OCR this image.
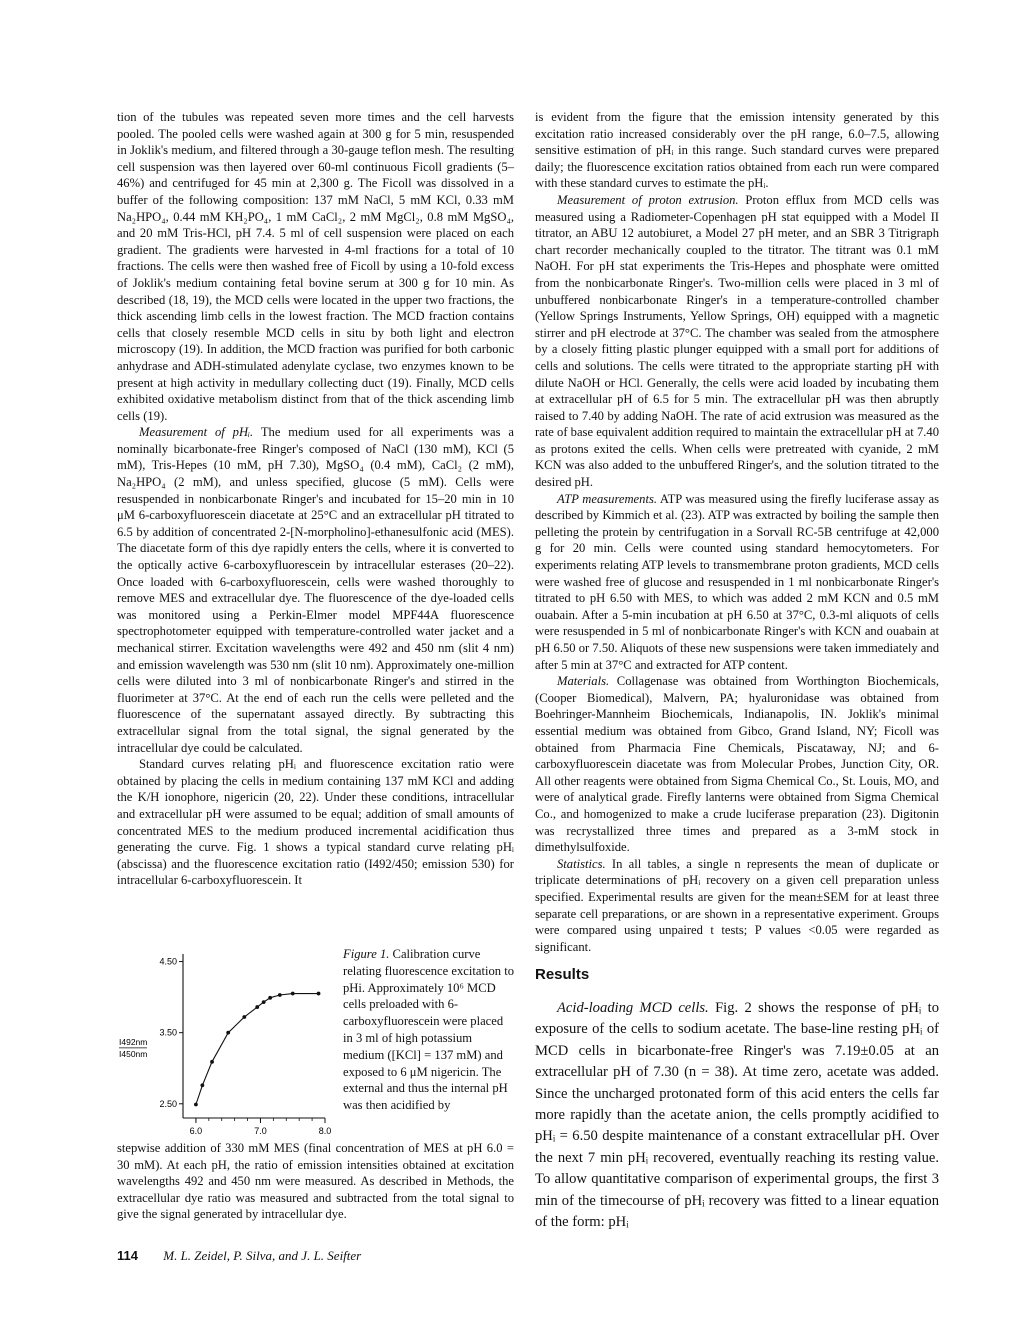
tion of the tubules was repeated seven more times and the cell harvests pooled. The pooled cells were washed again at 300 g for 5 min, resuspended in Joklik's medium, and filtered through a 30-gauge teflon mesh. The resulting cell suspension was then layered over 60-ml continuous Ficoll gradients (5–46%) and centrifuged for 45 min at 2,300 g. The Ficoll was dissolved in a buffer of the following composition: 137 mM NaCl, 5 mM KCl, 0.33 mM Na₂HPO₄, 0.44 mM KH₂PO₄, 1 mM CaCl₂, 2 mM MgCl₂, 0.8 mM MgSO₄, and 20 mM Tris-HCl, pH 7.4. 5 ml of cell suspension were placed on each gradient. The gradients were harvested in 4-ml fractions for a total of 10 fractions. The cells were then washed free of Ficoll by using a 10-fold excess of Joklik's medium containing fetal bovine serum at 300 g for 10 min. As described (18, 19), the MCD cells were located in the upper two fractions, the thick ascending limb cells in the lowest fraction. The MCD fraction contains cells that closely resemble MCD cells in situ by both light and electron microscopy (19). In addition, the MCD fraction was purified for both carbonic anhydrase and ADH-stimulated adenylate cyclase, two enzymes known to be present at high activity in medullary collecting duct (19). Finally, MCD cells exhibited oxidative metabolism distinct from that of the thick ascending limb cells (19).

Measurement of pHᵢ. The medium used for all experiments was a nominally bicarbonate-free Ringer's composed of NaCl (130 mM), KCl (5 mM), Tris-Hepes (10 mM, pH 7.30), MgSO₄ (0.4 mM), CaCl₂ (2 mM), Na₂HPO₄ (2 mM), and unless specified, glucose (5 mM). Cells were resuspended in nonbicarbonate Ringer's and incubated for 15–20 min in 10 μM 6-carboxyfluorescein diacetate at 25°C and an extracellular pH titrated to 6.5 by addition of concentrated 2-[N-morpholino]-ethanesulfonic acid (MES). The diacetate form of this dye rapidly enters the cells, where it is converted to the optically active 6-carboxyfluorescein by intracellular esterases (20–22). Once loaded with 6-carboxyfluorescein, cells were washed thoroughly to remove MES and extracellular dye. The fluorescence of the dye-loaded cells was monitored using a Perkin-Elmer model MPF44A fluorescence spectrophotometer equipped with temperature-controlled water jacket and a mechanical stirrer. Excitation wavelengths were 492 and 450 nm (slit 4 nm) and emission wavelength was 530 nm (slit 10 nm). Approximately one-million cells were diluted into 3 ml of nonbicarbonate Ringer's and stirred in the fluorimeter at 37°C. At the end of each run the cells were pelleted and the fluorescence of the supernatant assayed directly. By subtracting this extracellular signal from the total signal, the signal generated by the intracellular dye could be calculated.

Standard curves relating pHᵢ and fluorescence excitation ratio were obtained by placing the cells in medium containing 137 mM KCl and adding the K/H ionophore, nigericin (20, 22). Under these conditions, intracellular and extracellular pH were assumed to be equal; addition of small amounts of concentrated MES to the medium produced incremental acidification thus generating the curve. Fig. 1 shows a typical standard curve relating pHᵢ (abscissa) and the fluorescence excitation ratio (I492/450; emission 530) for intracellular 6-carboxyfluorescein. It

is evident from the figure that the emission intensity generated by this excitation ratio increased considerably over the pH range, 6.0–7.5, allowing sensitive estimation of pHᵢ in this range. Such standard curves were prepared daily; the fluorescence excitation ratios obtained from each run were compared with these standard curves to estimate the pHᵢ.

Measurement of proton extrusion. Proton efflux from MCD cells was measured using a Radiometer-Copenhagen pH stat equipped with a Model II titrator, an ABU 12 autobiuret, a Model 27 pH meter, and an SBR 3 Titrigraph chart recorder mechanically coupled to the titrator. The titrant was 0.1 mM NaOH. For pH stat experiments the Tris-Hepes and phosphate were omitted from the nonbicarbonate Ringer's. Two-million cells were placed in 3 ml of unbuffered nonbicarbonate Ringer's in a temperature-controlled chamber (Yellow Springs Instruments, Yellow Springs, OH) equipped with a magnetic stirrer and pH electrode at 37°C. The chamber was sealed from the atmosphere by a closely fitting plastic plunger equipped with a small port for additions of cells and solutions. The cells were titrated to the appropriate starting pH with dilute NaOH or HCl. Generally, the cells were acid loaded by incubating them at extracellular pH of 6.5 for 5 min. The extracellular pH was then abruptly raised to 7.40 by adding NaOH. The rate of acid extrusion was measured as the rate of base equivalent addition required to maintain the extracellular pH at 7.40 as protons exited the cells. When cells were pretreated with cyanide, 2 mM KCN was also added to the unbuffered Ringer's, and the solution titrated to the desired pH.

ATP measurements. ATP was measured using the firefly luciferase assay as described by Kimmich et al. (23). ATP was extracted by boiling the sample then pelleting the protein by centrifugation in a Sorvall RC-5B centrifuge at 42,000 g for 20 min. Cells were counted using standard hemocytometers. For experiments relating ATP levels to transmembrane proton gradients, MCD cells were washed free of glucose and resuspended in 1 ml nonbicarbonate Ringer's titrated to pH 6.50 with MES, to which was added 2 mM KCN and 0.5 mM ouabain. After a 5-min incubation at pH 6.50 at 37°C, 0.3-ml aliquots of cells were resuspended in 5 ml of nonbicarbonate Ringer's with KCN and ouabain at pH 6.50 or 7.50. Aliquots of these new suspensions were taken immediately and after 5 min at 37°C and extracted for ATP content.

Materials. Collagenase was obtained from Worthington Biochemicals, (Cooper Biomedical), Malvern, PA; hyaluronidase was obtained from Boehringer-Mannheim Biochemicals, Indianapolis, IN. Joklik's minimal essential medium was obtained from Gibco, Grand Island, NY; Ficoll was obtained from Pharmacia Fine Chemicals, Piscataway, NJ; and 6-carboxyfluorescein diacetate was from Molecular Probes, Junction City, OR. All other reagents were obtained from Sigma Chemical Co., St. Louis, MO, and were of analytical grade. Firefly lanterns were obtained from Sigma Chemical Co., and homogenized to make a crude luciferase preparation (23). Digitonin was recrystallized three times and prepared as a 3-mM stock in dimethylsulfoxide.

Statistics. In all tables, a single n represents the mean of duplicate or triplicate determinations of pHᵢ recovery on a given cell preparation unless specified. Experimental results are given for the mean±SEM for at least three separate cell preparations, or are shown in a representative experiment. Groups were compared using unpaired t tests; P values <0.05 were regarded as significant.

Results

Acid-loading MCD cells. Fig. 2 shows the response of pHᵢ to exposure of the cells to sodium acetate. The base-line resting pHᵢ of MCD cells in bicarbonate-free Ringer's was 7.19±0.05 at an extracellular pH of 7.30 (n = 38). At time zero, acetate was added. Since the uncharged protonated form of this acid enters the cells far more rapidly than the acetate anion, the cells promptly acidified to pHᵢ = 6.50 despite maintenance of a constant extracellular pH. Over the next 7 min pHᵢ recovered, eventually reaching its resting value. To allow quantitative comparison of experimental groups, the first 3 min of the timecourse of pHᵢ recovery was fitted to a linear equation of the form: pHᵢ

4.50
3.50
2.50
6.0	7.0	8.0
I492nm
I450nm
Figure 1. Calibration curve relating fluorescence excitation to pHi. Approximately 10⁶ MCD cells preloaded with 6-carboxyfluorescein were placed in 3 ml of high potassium medium ([KCl] = 137 mM) and exposed to 6 μM nigericin. The external and thus the internal pH was then acidified by
stepwise addition of 330 mM MES (final concentration of MES at pH 6.0 = 30 mM). At each pH, the ratio of emission intensities obtained at excitation wavelengths 492 and 450 nm were measured. As described in Methods, the extracellular dye ratio was measured and subtracted from the total signal to give the signal generated by intracellular dye.
114 M. L. Zeidel, P. Silva, and J. L. Seifter
